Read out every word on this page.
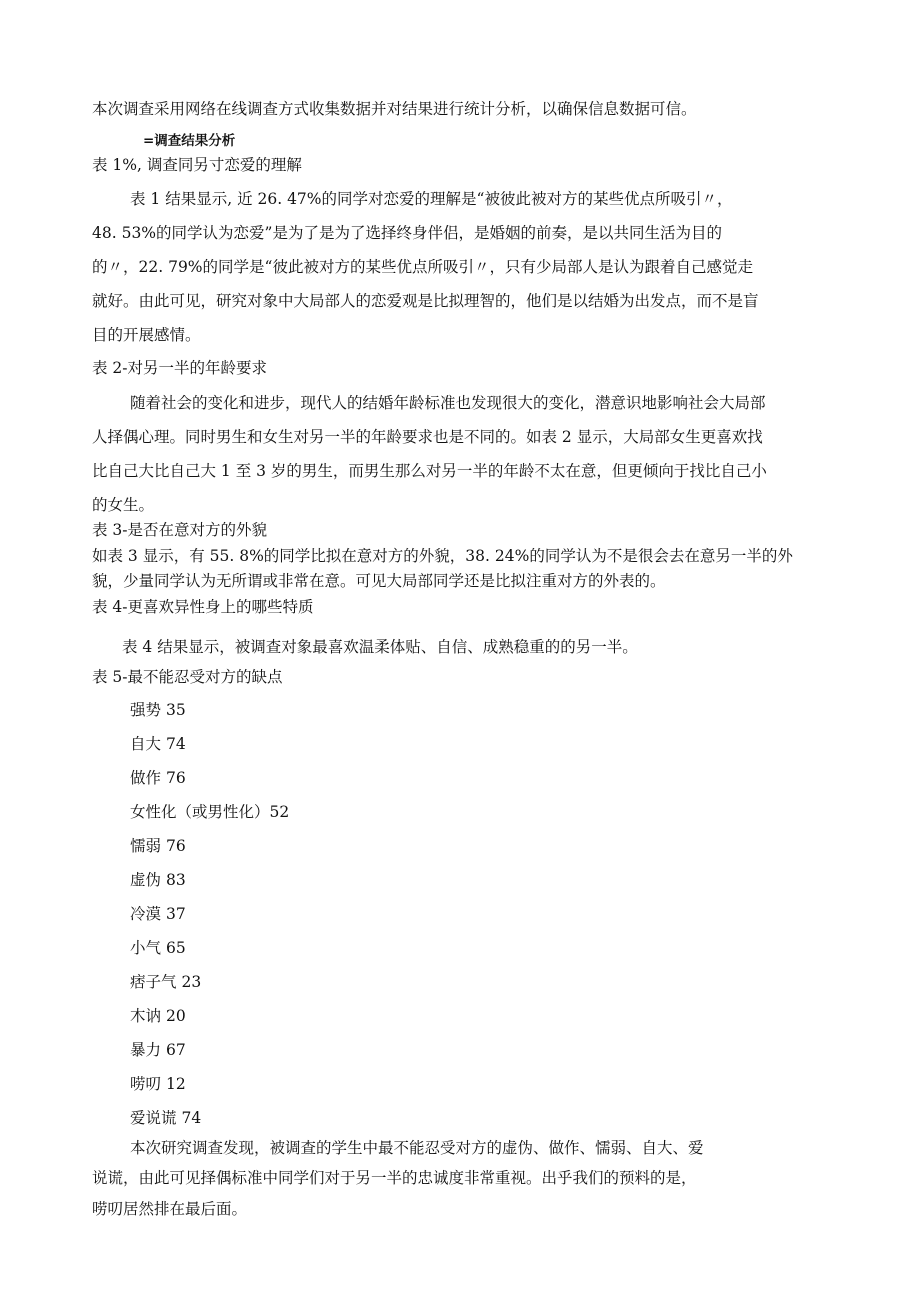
本次调查采用网络在线调查方式收集数据并对结果进行统计分析，以确保信息数据可信。

=调查结果分析

表 1%, 调查同另寸恋爱的理解

表 1 结果显示, 近 26. 47%的同学对恋爱的理解是“被彼此被对方的某些优点所吸引〃，

48. 53%的同学认为恋爱”是为了是为了选择终身伴侣，是婚姻的前奏，是以共同生活为目的

的〃，22. 79%的同学是“彼此被对方的某些优点所吸引〃，只有少局部人是认为跟着自己感觉走

就好。由此可见，研究对象中大局部人的恋爱观是比拟理智的，他们是以结婚为出发点，而不是盲

目的开展感情。

表 2-对另一半的年龄要求

随着社会的变化和进步，现代人的结婚年龄标准也发现很大的变化，潜意识地影响社会大局部

人择偶心理。同时男生和女生对另一半的年龄要求也是不同的。如表 2 显示，大局部女生更喜欢找

比自己大比自己大 1 至 3 岁的男生，而男生那么对另一半的年龄不太在意，但更倾向于找比自己小

的女生。

表 3-是否在意对方的外貌

如表 3 显示，有 55. 8%的同学比拟在意对方的外貌，38. 24%的同学认为不是很会去在意另一半的外

貌，少量同学认为无所谓或非常在意。可见大局部同学还是比拟注重对方的外表的。

表 4-更喜欢异性身上的哪些特质

表 4 结果显示，被调查对象最喜欢温柔体贴、自信、成熟稳重的的另一半。

表 5-最不能忍受对方的缺点

强势 35

自大 74

做作 76

女性化（或男性化）52

懦弱 76

虚伪 83

冷漠 37

小气 65

痞子气 23

木讷 20

暴力 67

唠叨 12

爱说谎 74

本次研究调查发现，被调查的学生中最不能忍受对方的虚伪、做作、懦弱、自大、爱

说谎，由此可见择偶标准中同学们对于另一半的忠诚度非常重视。出乎我们的预料的是，

唠叨居然排在最后面。
